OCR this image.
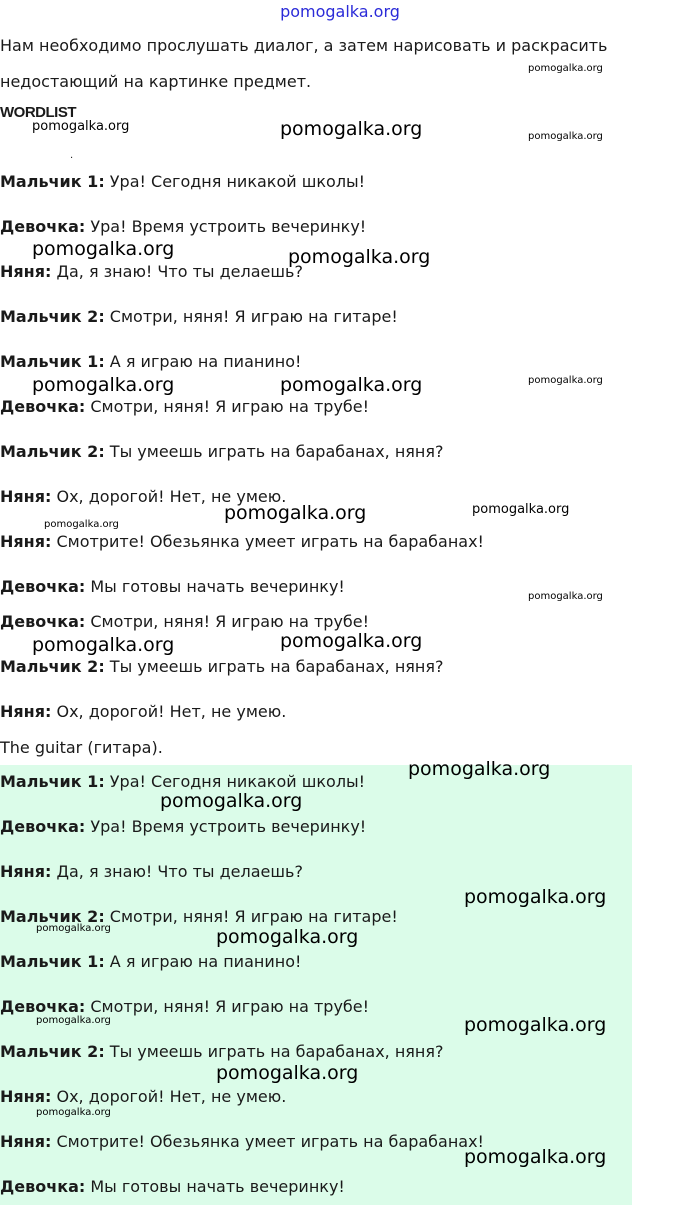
pomogalka.org
Нам необходимо прослушать диалог, а затем нарисовать и раскрасить недостающий на картинке предмет.
WORDLIST
.
Мальчик 1: Ура! Сегодня никакой школы!
Девочка: Ура! Время устроить вечеринку!
Няня: Да, я знаю! Что ты делаешь?
Мальчик 2: Смотри, няня! Я играю на гитаре!
Мальчик 1: А я играю на пианино!
Девочка: Смотри, няня! Я играю на трубе!
Мальчик 2: Ты умеешь играть на барабанах, няня?
Няня: Ох, дорогой! Нет, не умею.
Няня: Смотрите! Обезьянка умеет играть на барабанах!
Девочка: Мы готовы начать вечеринку!
Девочка: Смотри, няня! Я играю на трубе!
Мальчик 2: Ты умеешь играть на барабанах, няня?
Няня: Ох, дорогой! Нет, не умею.
The guitar (гитара).
Мальчик 1: Ура! Сегодня никакой школы!
Девочка: Ура! Время устроить вечеринку!
Няня: Да, я знаю! Что ты делаешь?
Мальчик 2: Смотри, няня! Я играю на гитаре!
Мальчик 1: А я играю на пианино!
Девочка: Смотри, няня! Я играю на трубе!
Мальчик 2: Ты умеешь играть на барабанах, няня?
Няня: Ох, дорогой! Нет, не умею.
Няня: Смотрите! Обезьянка умеет играть на барабанах!
Девочка: Мы готовы начать вечеринку!
pomogalka.org
pomogalka.org	pomogalka.org	pomogalka.org
pomogalka.org	pomogalka.org
pomogalka.org	pomogalka.org	pomogalka.org
pomogalka.org	pomogalka.org
pomogalka.org
pomogalka.org
pomogalka.org	pomogalka.org
pomogalka.org
pomogalka.org
pomogalka.org
pomogalka.org	pomogalka.org
pomogalka.org	pomogalka.org
pomogalka.org
pomogalka.org
pomogalka.org
